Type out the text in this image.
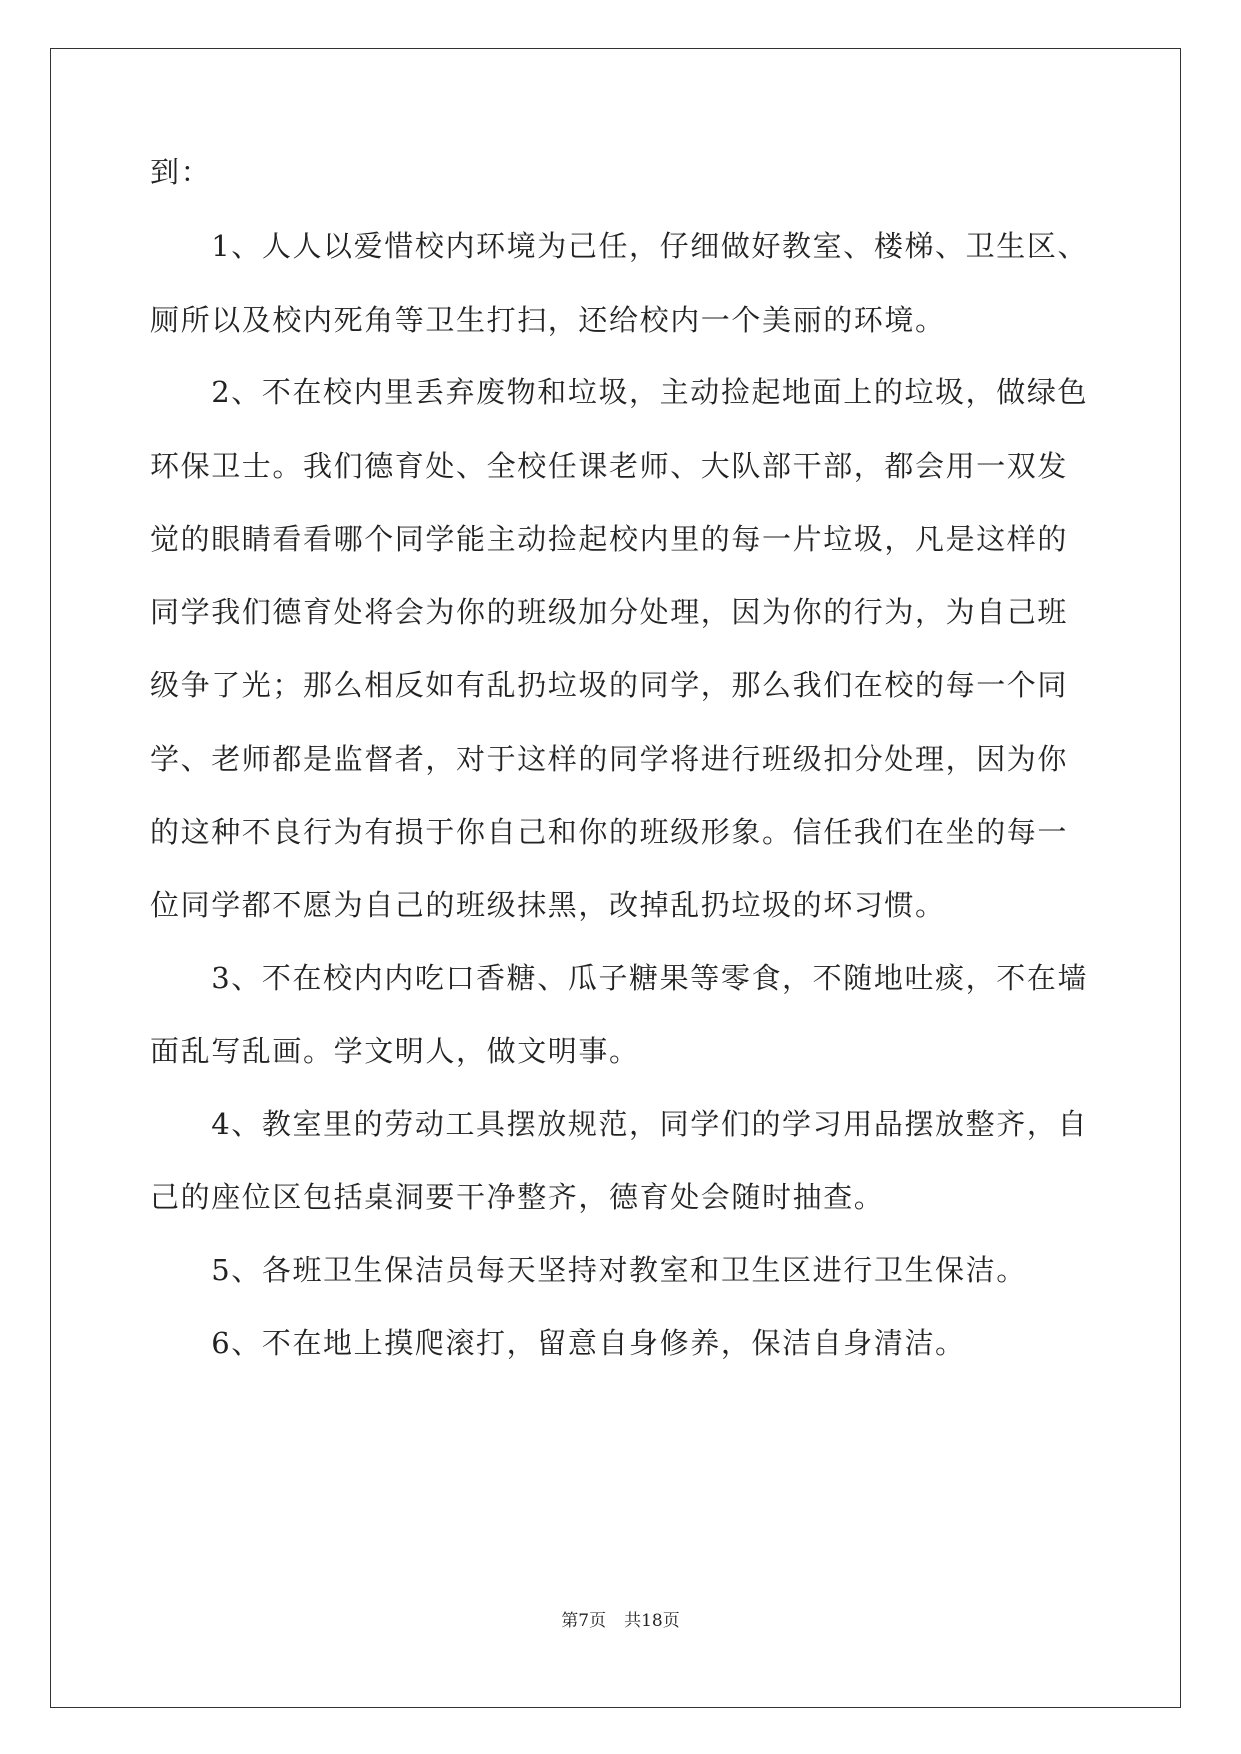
到：
　　1、人人以爱惜校内环境为己任，仔细做好教室、楼梯、卫生区、
厕所以及校内死角等卫生打扫，还给校内一个美丽的环境。
　　2、不在校内里丢弃废物和垃圾，主动捡起地面上的垃圾，做绿色
环保卫士。我们德育处、全校任课老师、大队部干部，都会用一双发
觉的眼睛看看哪个同学能主动捡起校内里的每一片垃圾，凡是这样的
同学我们德育处将会为你的班级加分处理，因为你的行为，为自己班
级争了光；那么相反如有乱扔垃圾的同学，那么我们在校的每一个同
学、老师都是监督者，对于这样的同学将进行班级扣分处理，因为你
的这种不良行为有损于你自己和你的班级形象。信任我们在坐的每一
位同学都不愿为自己的班级抹黑，改掉乱扔垃圾的坏习惯。
　　3、不在校内内吃口香糖、瓜子糖果等零食，不随地吐痰，不在墙
面乱写乱画。学文明人，做文明事。
　　4、教室里的劳动工具摆放规范，同学们的学习用品摆放整齐，自
己的座位区包括桌洞要干净整齐，德育处会随时抽查。
　　5、各班卫生保洁员每天坚持对教室和卫生区进行卫生保洁。
　　6、不在地上摸爬滚打，留意自身修养，保洁自身清洁。
第7页 共18页
